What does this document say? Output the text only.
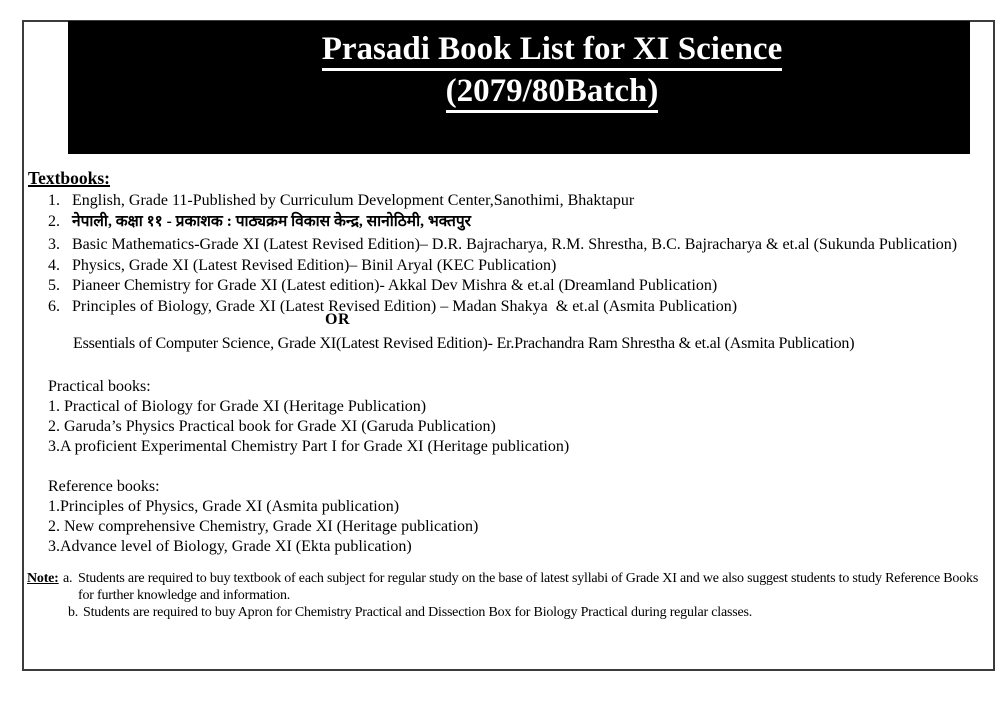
Prasadi Book List for XI Science
(2079/80Batch)
Textbooks:
1. English, Grade 11-Published by Curriculum Development Center,Sanothimi, Bhaktapur
2. नेपाली, कक्षा ११ - प्रकाशक : पाठ्यक्रम विकास केन्द्र, सानोठिमी, भक्तपुर
3. Basic Mathematics-Grade XI (Latest Revised Edition)– D.R. Bajracharya, R.M. Shrestha, B.C. Bajracharya & et.al (Sukunda Publication)
4. Physics, Grade XI (Latest Revised Edition)– Binil Aryal (KEC Publication)
5. Pianeer Chemistry for Grade XI (Latest edition)- Akkal Dev Mishra & et.al (Dreamland Publication)
6. Principles of Biology, Grade XI (Latest Revised Edition) – Madan Shakya  & et.al (Asmita Publication)
OR
Essentials of Computer Science, Grade XI(Latest Revised Edition)- Er.Prachandra Ram Shrestha & et.al (Asmita Publication)
Practical books:
1. Practical of Biology for Grade XI (Heritage Publication)
2. Garuda’s Physics Practical book for Grade XI (Garuda Publication)
3.A proficient Experimental Chemistry Part I for Grade XI (Heritage publication)
Reference books:
1.Principles of Physics, Grade XI (Asmita publication)
2. New comprehensive Chemistry, Grade XI (Heritage publication)
3.Advance level of Biology, Grade XI (Ekta publication)
Note: a. Students are required to buy textbook of each subject for regular study on the base of latest syllabi of Grade XI and we also suggest students to study Reference Books for further knowledge and information.
b. Students are required to buy Apron for Chemistry Practical and Dissection Box for Biology Practical during regular classes.
